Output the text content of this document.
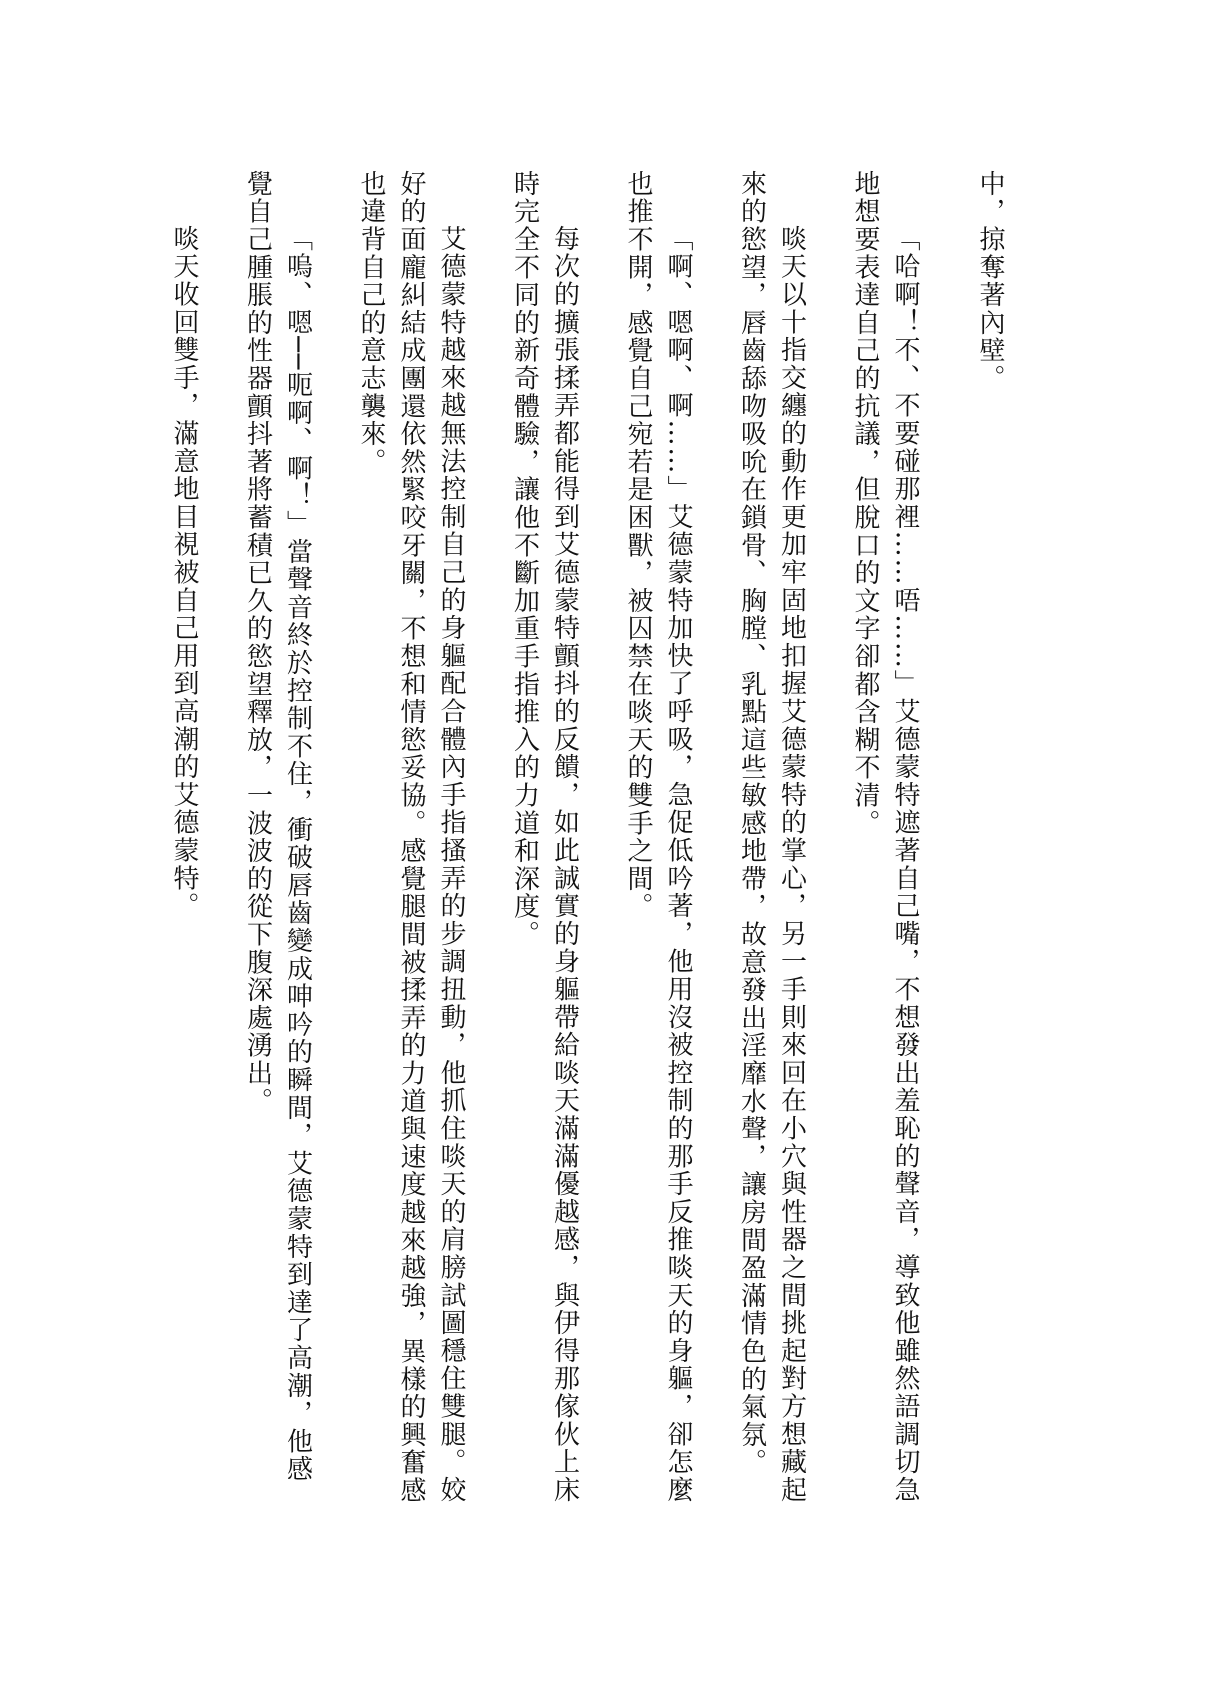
中，掠奪著內壁。
「哈啊！不、不要碰那裡……唔……」艾德蒙特遮著自己嘴，不想發出羞恥的聲音，導致他雖然語調切急
地想要表達自己的抗議，但脫口的文字卻都含糊不清。
啖天以十指交纏的動作更加牢固地扣握艾德蒙特的掌心，另一手則來回在小穴與性器之間挑起對方想藏起
來的慾望，唇齒舔吻吸吮在鎖骨、胸膛、乳點這些敏感地帶，故意發出淫靡水聲，讓房間盈滿情色的氣氛。
「啊、嗯啊、啊……」艾德蒙特加快了呼吸，急促低吟著，他用沒被控制的那手反推啖天的身軀，卻怎麼
也推不開，感覺自己宛若是困獸，被囚禁在啖天的雙手之間。
每次的擴張揉弄都能得到艾德蒙特顫抖的反饋，如此誠實的身軀帶給啖天滿滿優越感，與伊得那傢伙上床
時完全不同的新奇體驗，讓他不斷加重手指推入的力道和深度。
艾德蒙特越來越無法控制自己的身軀配合體內手指搔弄的步調扭動，他抓住啖天的肩膀試圖穩住雙腿。姣
好的面龐糾結成團還依然緊咬牙關，不想和情慾妥協。感覺腿間被揉弄的力道與速度越來越強，異樣的興奮感
也違背自己的意志襲來。
「嗚、嗯──呃啊、啊！」當聲音終於控制不住，衝破唇齒變成呻吟的瞬間，艾德蒙特到達了高潮，他感
覺自己腫脹的性器顫抖著將蓄積已久的慾望釋放，一波波的從下腹深處湧出。
啖天收回雙手，滿意地目視被自己用到高潮的艾德蒙特。
